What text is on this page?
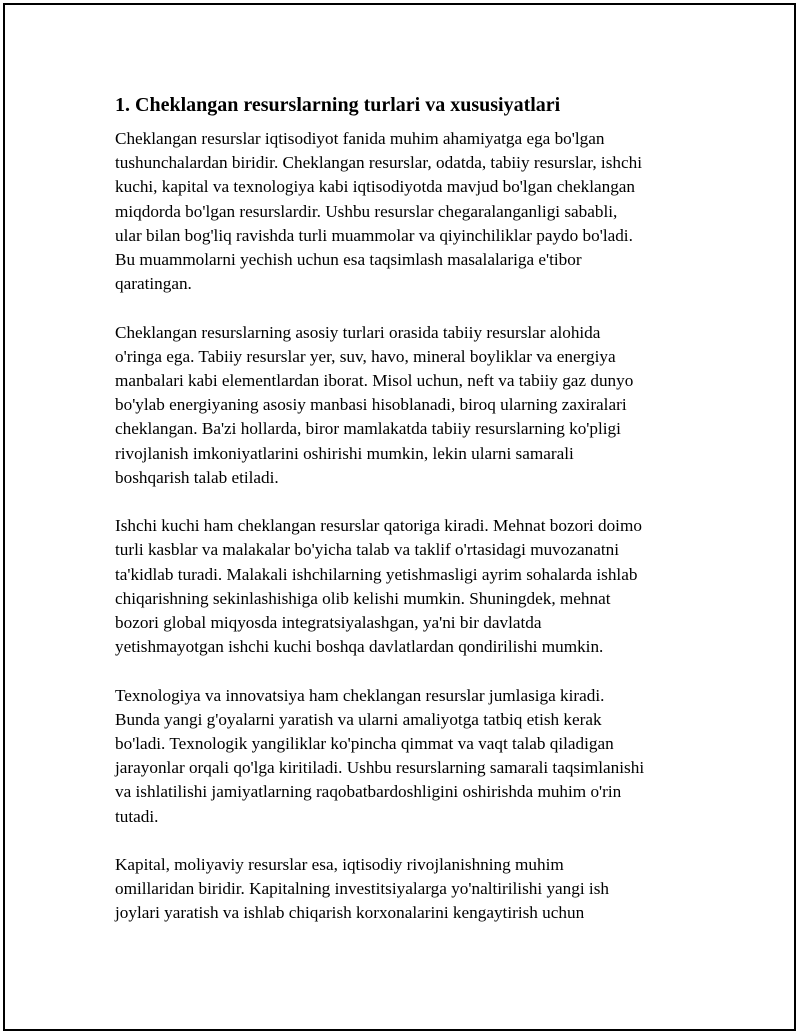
1. Cheklangan resurslarning turlari va xususiyatlari
Cheklangan resurslar iqtisodiyot fanida muhim ahamiyatga ega bo'lgan
tushunchalardan biridir. Cheklangan resurslar, odatda, tabiiy resurslar, ishchi
kuchi, kapital va texnologiya kabi iqtisodiyotda mavjud bo'lgan cheklangan
miqdorda bo'lgan resurslardir. Ushbu resurslar chegaralanganligi sababli,
ular bilan bog'liq ravishda turli muammolar va qiyinchiliklar paydo bo'ladi.
Bu muammolarni yechish uchun esa taqsimlash masalalariga e'tibor
qaratingan.
Cheklangan resurslarning asosiy turlari orasida tabiiy resurslar alohida
o'ringa ega. Tabiiy resurslar yer, suv, havo, mineral boyliklar va energiya
manbalari kabi elementlardan iborat. Misol uchun, neft va tabiiy gaz dunyo
bo'ylab energiyaning asosiy manbasi hisoblanadi, biroq ularning zaxiralari
cheklangan. Ba'zi hollarda, biror mamlakatda tabiiy resurslarning ko'pligi
rivojlanish imkoniyatlarini oshirishi mumkin, lekin ularni samarali
boshqarish talab etiladi.
Ishchi kuchi ham cheklangan resurslar qatoriga kiradi. Mehnat bozori doimo
turli kasblar va malakalar bo'yicha talab va taklif o'rtasidagi muvozanatni
ta'kidlab turadi. Malakali ishchilarning yetishmasligi ayrim sohalarda ishlab
chiqarishning sekinlashishiga olib kelishi mumkin. Shuningdek, mehnat
bozori global miqyosda integratsiyalashgan, ya'ni bir davlatda
yetishmayotgan ishchi kuchi boshqa davlatlardan qondirilishi mumkin.
Texnologiya va innovatsiya ham cheklangan resurslar jumlasiga kiradi.
Bunda yangi g'oyalarni yaratish va ularni amaliyotga tatbiq etish kerak
bo'ladi. Texnologik yangiliklar ko'pincha qimmat va vaqt talab qiladigan
jarayonlar orqali qo'lga kiritiladi. Ushbu resurslarning samarali taqsimlanishi
va ishlatilishi jamiyatlarning raqobatbardoshligini oshirishda muhim o'rin
tutadi.
Kapital, moliyaviy resurslar esa, iqtisodiy rivojlanishning muhim
omillaridan biridir. Kapitalning investitsiyalarga yo'naltirilishi yangi ish
joylari yaratish va ishlab chiqarish korxonalarini kengaytirish uchun
